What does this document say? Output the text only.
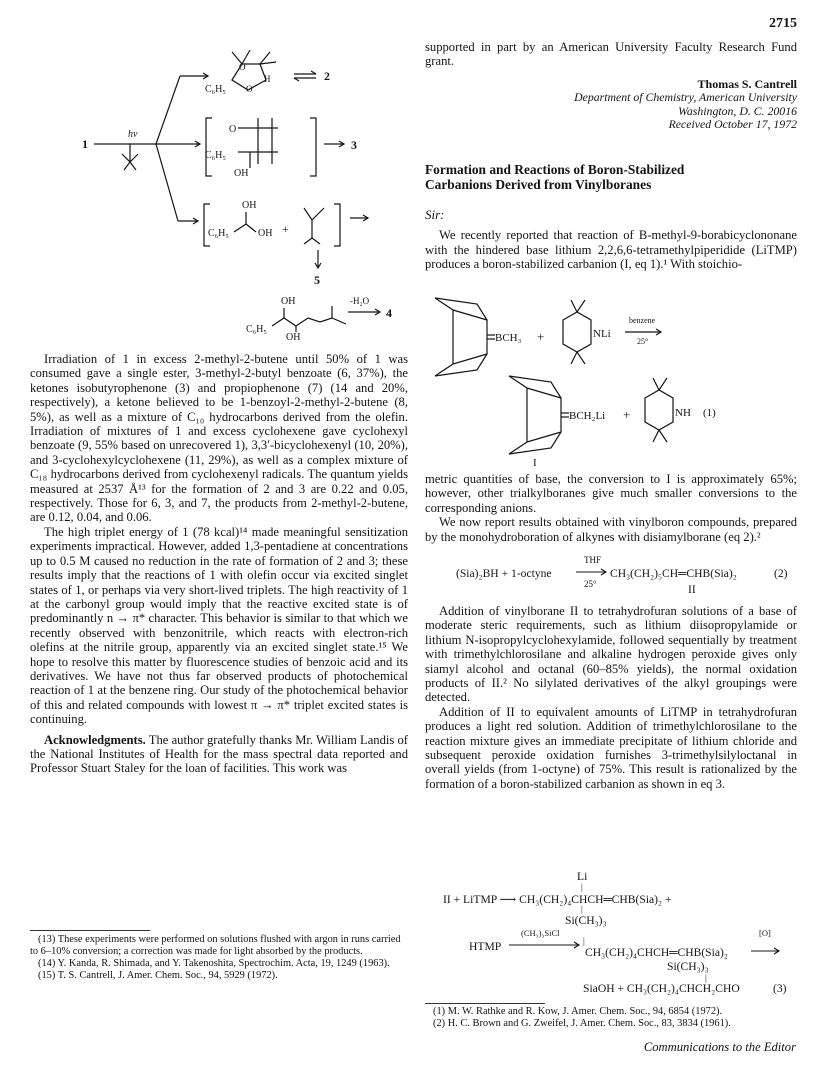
2715
1
hν
C₆H₅
O
O
H	2
O
C₆H₅
OH
3
OH
C₆H₅	OH +
5
OH
C₆H₅
OH
-H₂O
4

Irradiation of 1 in excess 2-methyl-2-butene until 50% of 1 was consumed gave a single ester, 3-methyl-2-butyl benzoate (6, 37%), the ketones isobutyrophenone (3) and propiophenone (7) (14 and 20%, respectively), a ketone believed to be 1-benzoyl-2-methyl-2-butene (8, 5%), as well as a mixture of C₁₀ hydrocarbons derived from the olefin. Irradiation of mixtures of 1 and excess cyclohexene gave cyclohexyl benzoate (9, 55% based on unrecovered 1), 3,3′-bicyclohexenyl (10, 20%), and 3-cyclohexylcyclohexene (11, 29%), as well as a complex mixture of C₁₈ hydrocarbons derived from cyclohexenyl radicals. The quantum yields measured at 2537 Å¹³ for the formation of 2 and 3 are 0.22 and 0.05, respectively. Those for 6, 3, and 7, the products from 2-methyl-2-butene, are 0.12, 0.04, and 0.06.

The high triplet energy of 1 (78 kcal)¹⁴ made meaningful sensitization experiments impractical. However, added 1,3-pentadiene at concentrations up to 0.5 M caused no reduction in the rate of formation of 2 and 3; these results imply that the reactions of 1 with olefin occur via excited singlet states of 1, or perhaps via very short-lived triplets. The high reactivity of 1 at the carbonyl group would imply that the reactive excited state is of predominantly n → π* character. This behavior is similar to that which we recently observed with benzonitrile, which reacts with electron-rich olefins at the nitrile group, apparently via an excited singlet state.¹⁵ We hope to resolve this matter by fluorescence studies of benzoic acid and its derivatives. We have not thus far observed products of photochemical reaction of 1 at the benzene ring. Our study of the photochemical behavior of this and related compounds with lowest π → π* triplet excited states is continuing.

Acknowledgments. The author gratefully thanks Mr. William Landis of the National Institutes of Health for the mass spectral data reported and Professor Stuart Staley for the loan of facilities. This work was

(13) These experiments were performed on solutions flushed with argon in runs carried to 6–10% conversion; a correction was made for light absorbed by the products.
(14) Y. Kanda, R. Shimada, and Y. Takenoshita, Spectrochim. Acta, 19, 1249 (1963).
(15) T. S. Cantrell, J. Amer. Chem. Soc., 94, 5929 (1972).

supported in part by an American University Faculty Research Fund grant.

Thomas S. Cantrell
Department of Chemistry, American University
Washington, D. C. 20016
Received October 17, 1972
Formation and Reactions of Boron-Stabilized
Carbanions Derived from Vinylboranes
Sir:

We recently reported that reaction of B-methyl-9-borabicyclononane with the hindered base lithium 2,2,6,6-tetramethylpiperidide (LiTMP) produces a boron-stabilized carbanion (I, eq 1).¹ With stoichio-

BCH₃ +	NLi
benzene
25°
BCH₂Li +	NH (1)
I

metric quantities of base, the conversion to I is approximately 65%; however, other trialkylboranes give much smaller conversions to the corresponding anions.

We now report results obtained with vinylboron compounds, prepared by the monohydroboration of alkynes with disiamylborane (eq 2).²

(Sia)₂BH + 1-octyne
THF
25°
CH₃(CH₂)₅CH═CHB(Sia)₂	(2)
II

Addition of vinylborane II to tetrahydrofuran solutions of a base of moderate steric requirements, such as lithium diisopropylamide or lithium N-isopropylcyclohexylamide, followed sequentially by treatment with trimethylchlorosilane and alkaline hydrogen peroxide gives only siamyl alcohol and octanal (60–85% yields), the normal oxidation products of II.² No silylated derivatives of the alkyl groupings were detected.

Addition of II to equivalent amounts of LiTMP in tetrahydrofuran produces a light red solution. Addition of trimethylchlorosilane to the reaction mixture gives an immediate precipitate of lithium chloride and subsequent peroxide oxidation furnishes 3-trimethylsilyloctanal in overall yields (from 1-octyne) of 75%. This result is rationalized by the formation of a boron-stabilized carbanion as shown in eq 3.

Li
|
II + LiTMP ⟶ CH₃(CH₂)₄CHCH═CHB(Sia)₂ +
|
Si(CH₃)₃
HTMP
(CH₃)₃SiCl
|
CH₃(CH₂)₄CHCH═CHB(Sia)₂
[O]
Si(CH₃)₃
|
SiaOH + CH₃(CH₂)₄CHCH₂CHO	(3)
(1) M. W. Rathke and R. Kow, J. Amer. Chem. Soc., 94, 6854 (1972).
(2) H. C. Brown and G. Zweifel, J. Amer. Chem. Soc., 83, 3834 (1961).
Communications to the Editor
